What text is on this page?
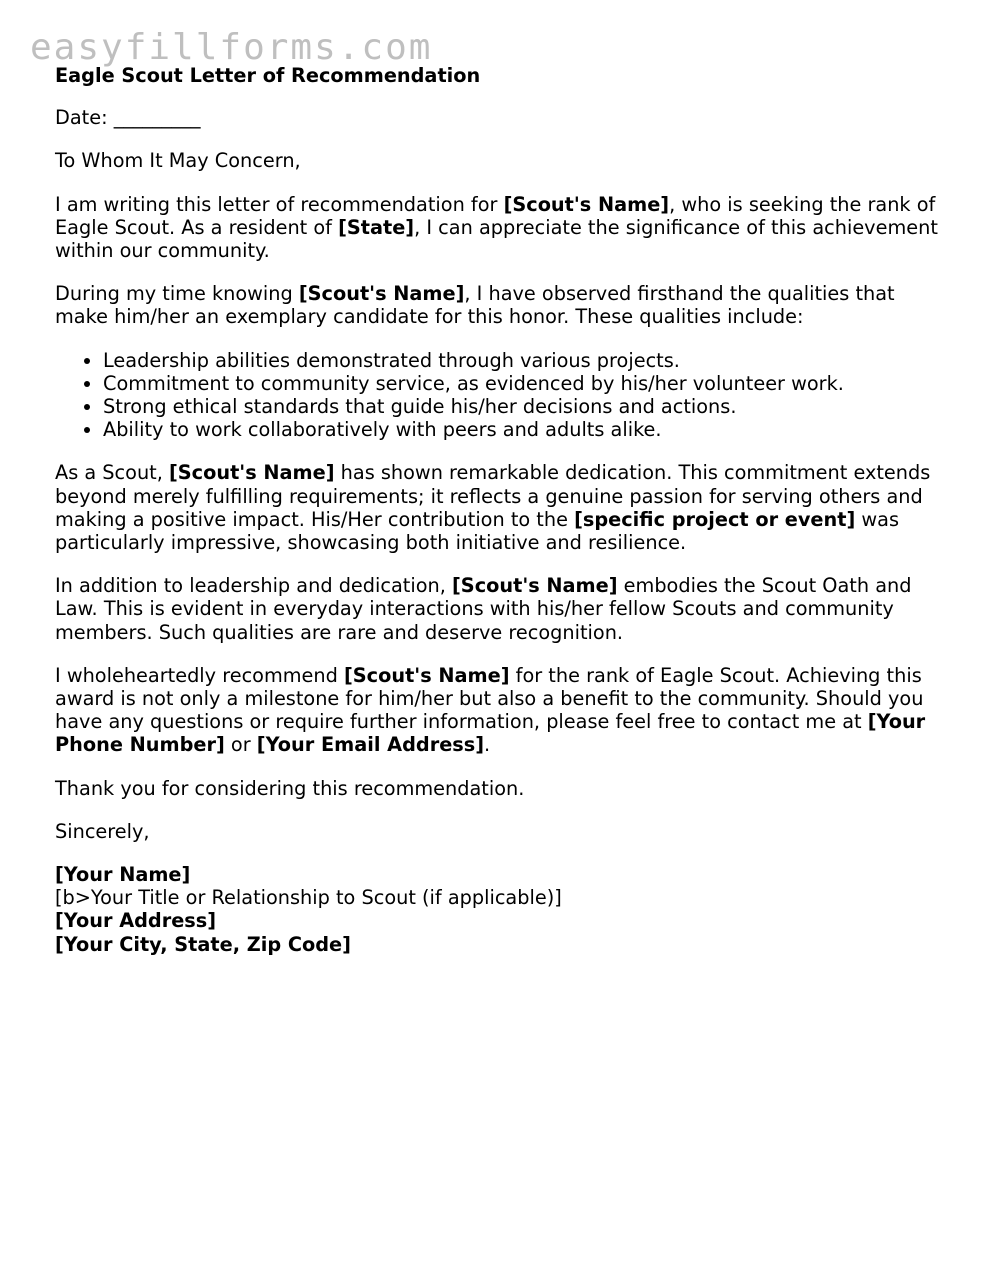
easyfillforms.com

Eagle Scout Letter of Recommendation

Date: _________

To Whom It May Concern,

I am writing this letter of recommendation for [Scout's Name], who is seeking the rank of Eagle Scout. As a resident of [State], I can appreciate the significance of this achievement within our community.

During my time knowing [Scout's Name], I have observed firsthand the qualities that make him/her an exemplary candidate for this honor. These qualities include:

• Leadership abilities demonstrated through various projects.
• Commitment to community service, as evidenced by his/her volunteer work.
• Strong ethical standards that guide his/her decisions and actions.
• Ability to work collaboratively with peers and adults alike.

As a Scout, [Scout's Name] has shown remarkable dedication. This commitment extends beyond merely fulfilling requirements; it reflects a genuine passion for serving others and making a positive impact. His/Her contribution to the [specific project or event] was particularly impressive, showcasing both initiative and resilience.

In addition to leadership and dedication, [Scout's Name] embodies the Scout Oath and Law. This is evident in everyday interactions with his/her fellow Scouts and community members. Such qualities are rare and deserve recognition.

I wholeheartedly recommend [Scout's Name] for the rank of Eagle Scout. Achieving this award is not only a milestone for him/her but also a benefit to the community. Should you have any questions or require further information, please feel free to contact me at [Your Phone Number] or [Your Email Address].

Thank you for considering this recommendation.

Sincerely,

[Your Name]
[b>Your Title or Relationship to Scout (if applicable)]
[Your Address]
[Your City, State, Zip Code]
